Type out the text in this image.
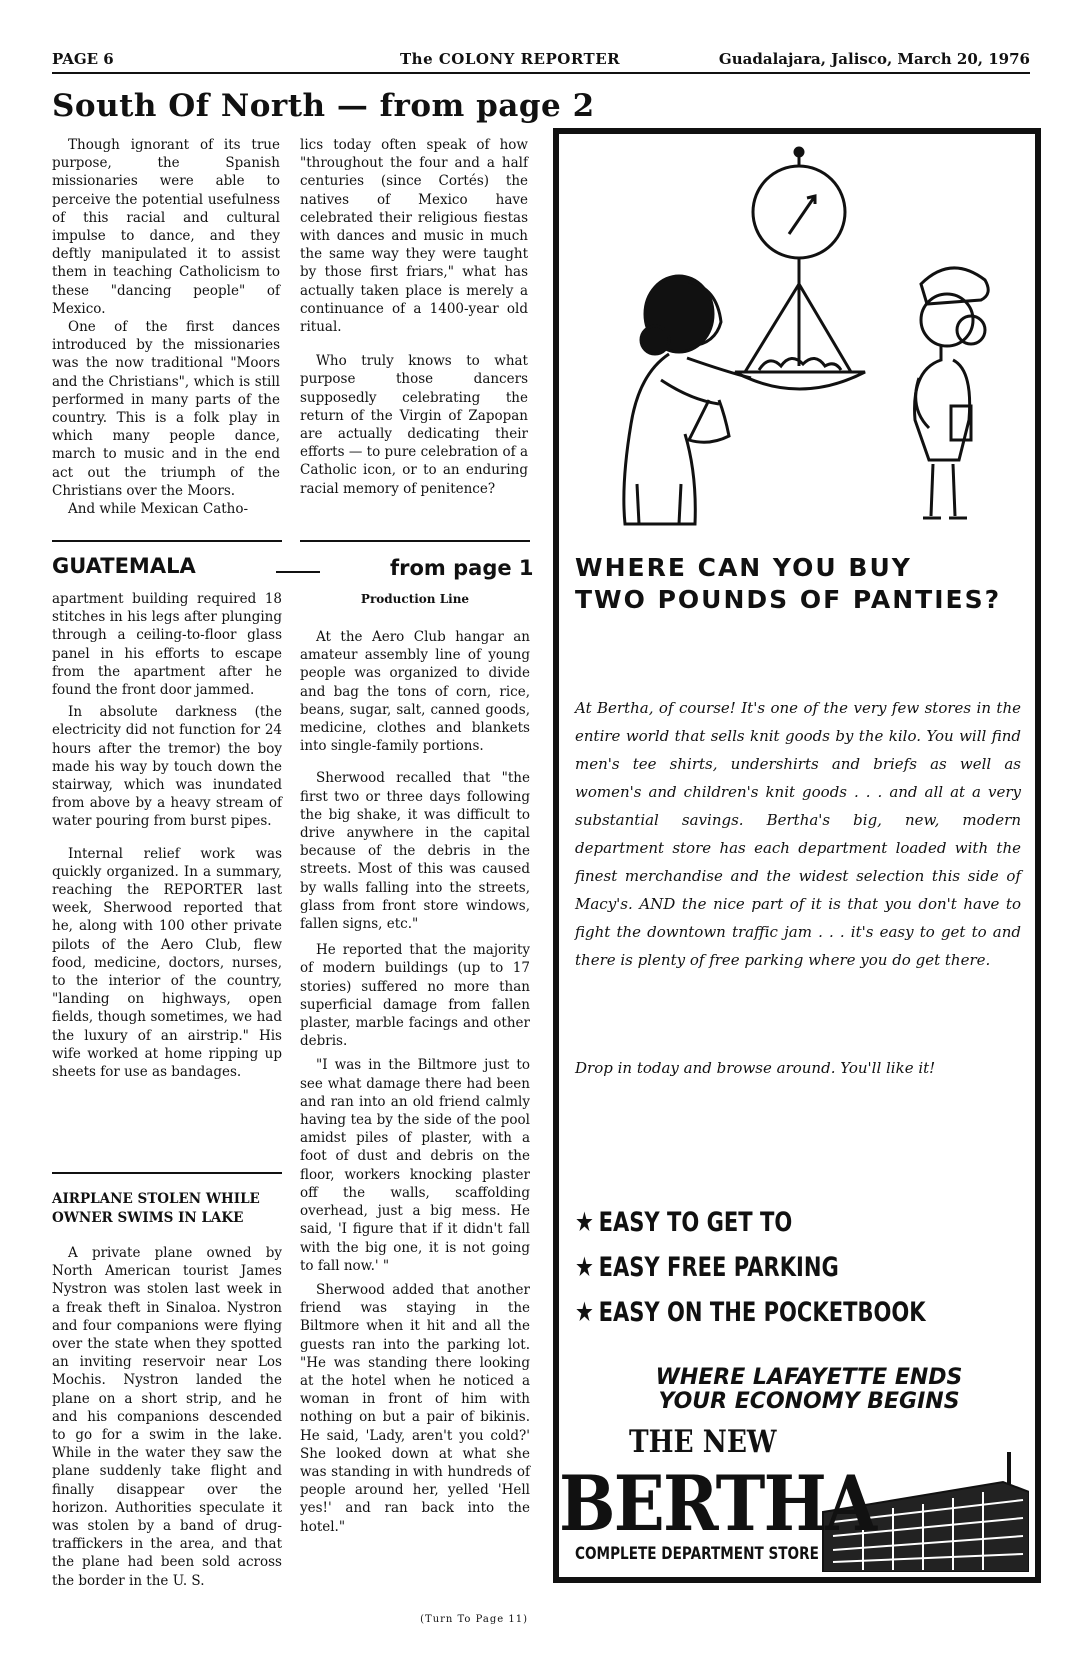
PAGE 6	The COLONY REPORTER	Guadalajara, Jalisco, March 20, 1976
South Of North — from page 2

Though ignorant of its true purpose, the Spanish missionaries were able to perceive the potential usefulness of this racial and cultural impulse to dance, and they deftly manipulated it to assist them in teaching Catholicism to these "dancing people" of Mexico.

One of the first dances introduced by the missionaries was the now traditional "Moors and the Christians", which is still performed in many parts of the country. This is a folk play in which many people dance, march to music and in the end act out the triumph of the Christians over the Moors.

And while Mexican Catho-

lics today often speak of how "throughout the four and a half centuries (since Cortés) the natives of Mexico have celebrated their religious fiestas with dances and music in much the same way they were taught by those first friars," what has actually taken place is merely a continuance of a 1400-year old ritual.

Who truly knows to what purpose those dancers supposedly celebrating the return of the Virgin of Zapopan are actually dedicating their efforts — to pure celebration of a Catholic icon, or to an enduring racial memory of penitence?

GUATEMALA	from page 1

apartment building required 18 stitches in his legs after plunging through a ceiling-to-floor glass panel in his efforts to escape from the apartment after he found the front door jammed.

In absolute darkness (the electricity did not function for 24 hours after the tremor) the boy made his way by touch down the stairway, which was inundated from above by a heavy stream of water pouring from burst pipes.

Internal relief work was quickly organized. In a summary, reaching the REPORTER last week, Sherwood reported that he, along with 100 other private pilots of the Aero Club, flew food, medicine, doctors, nurses, to the interior of the country, "landing on highways, open fields, though sometimes, we had the luxury of an airstrip." His wife worked at home ripping up sheets for use as bandages.

AIRPLANE STOLEN WHILE OWNER SWIMS IN LAKE

A private plane owned by North American tourist James Nystron was stolen last week in a freak theft in Sinaloa. Nystron and four companions were flying over the state when they spotted an inviting reservoir near Los Mochis. Nystron landed the plane on a short strip, and he and his companions descended to go for a swim in the lake. While in the water they saw the plane suddenly take flight and finally disappear over the horizon. Authorities speculate it was stolen by a band of drug-traffickers in the area, and that the plane had been sold across the border in the U. S.

Production Line

At the Aero Club hangar an amateur assembly line of young people was organized to divide and bag the tons of corn, rice, beans, sugar, salt, canned goods, medicine, clothes and blankets into single-family portions.

Sherwood recalled that "the first two or three days following the big shake, it was difficult to drive anywhere in the capital because of the debris in the streets. Most of this was caused by walls falling into the streets, glass from front store windows, fallen signs, etc."

He reported that the majority of modern buildings (up to 17 stories) suffered no more than superficial damage from fallen plaster, marble facings and other debris.

"I was in the Biltmore just to see what damage there had been and ran into an old friend calmly having tea by the side of the pool amidst piles of plaster, with a foot of dust and debris on the floor, workers knocking plaster off the walls, scaffolding overhead, just a big mess. He said, 'I figure that if it didn't fall with the big one, it is not going to fall now.' "

Sherwood added that another friend was staying in the Biltmore when it hit and all the guests ran into the parking lot. "He was standing there looking at the hotel when he noticed a woman in front of him with nothing on but a pair of bikinis. He said, 'Lady, aren't you cold?' She looked down at what she was standing in with hundreds of people around her, yelled 'Hell yes!' and ran back into the hotel."

(Turn To Page 11)
WHERE CAN YOU BUY
TWO POUNDS OF PANTIES?

At Bertha, of course! It's one of the very few stores in the entire world that sells knit goods by the kilo. You will find men's tee shirts, undershirts and briefs as well as women's and children's knit goods . . . and all at a very substantial savings. Bertha's big, new, modern department store has each department loaded with the finest merchandise and the widest selection this side of Macy's. AND the nice part of it is that you don't have to fight the downtown traffic jam . . . it's easy to get to and there is plenty of free parking where you do get there.

Drop in today and browse around. You'll like it!
★ EASY TO GET TO
★ EASY FREE PARKING
★ EASY ON THE POCKETBOOK
WHERE LAFAYETTE ENDS
YOUR ECONOMY BEGINS
THE NEW
BERTHA
COMPLETE DEPARTMENT STORE
